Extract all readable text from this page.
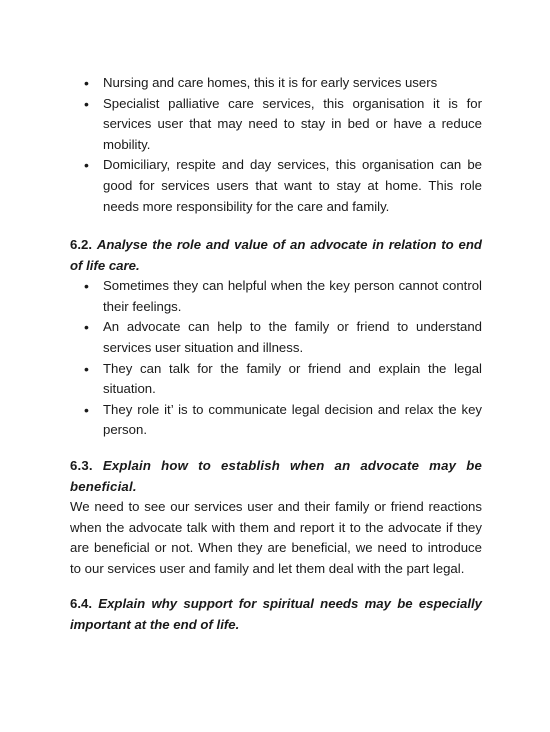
• Nursing and care homes, this it is for early services users
• Specialist palliative care services, this organisation it is for services user that may need to stay in bed or have a reduce mobility.
• Domiciliary, respite and day services, this organisation can be good for services users that want to stay at home. This role needs more responsibility for the care and family.

6.2. Analyse the role and value of an advocate in relation to end of life care.

• Sometimes they can helpful when the key person cannot control their feelings.
• An advocate can help to the family or friend to understand services user situation and illness.
• They can talk for the family or friend and explain the legal situation.
• They role it’ is to communicate legal decision and relax the key person.

6.3. Explain how to establish when an advocate may be beneficial.

We need to see our services user and their family or friend reactions when the advocate talk with them and report it to the advocate if they are beneficial or not. When they are beneficial, we need to introduce to our services user and family and let them deal with the part legal.

6.4. Explain why support for spiritual needs may be especially important at the end of life.
